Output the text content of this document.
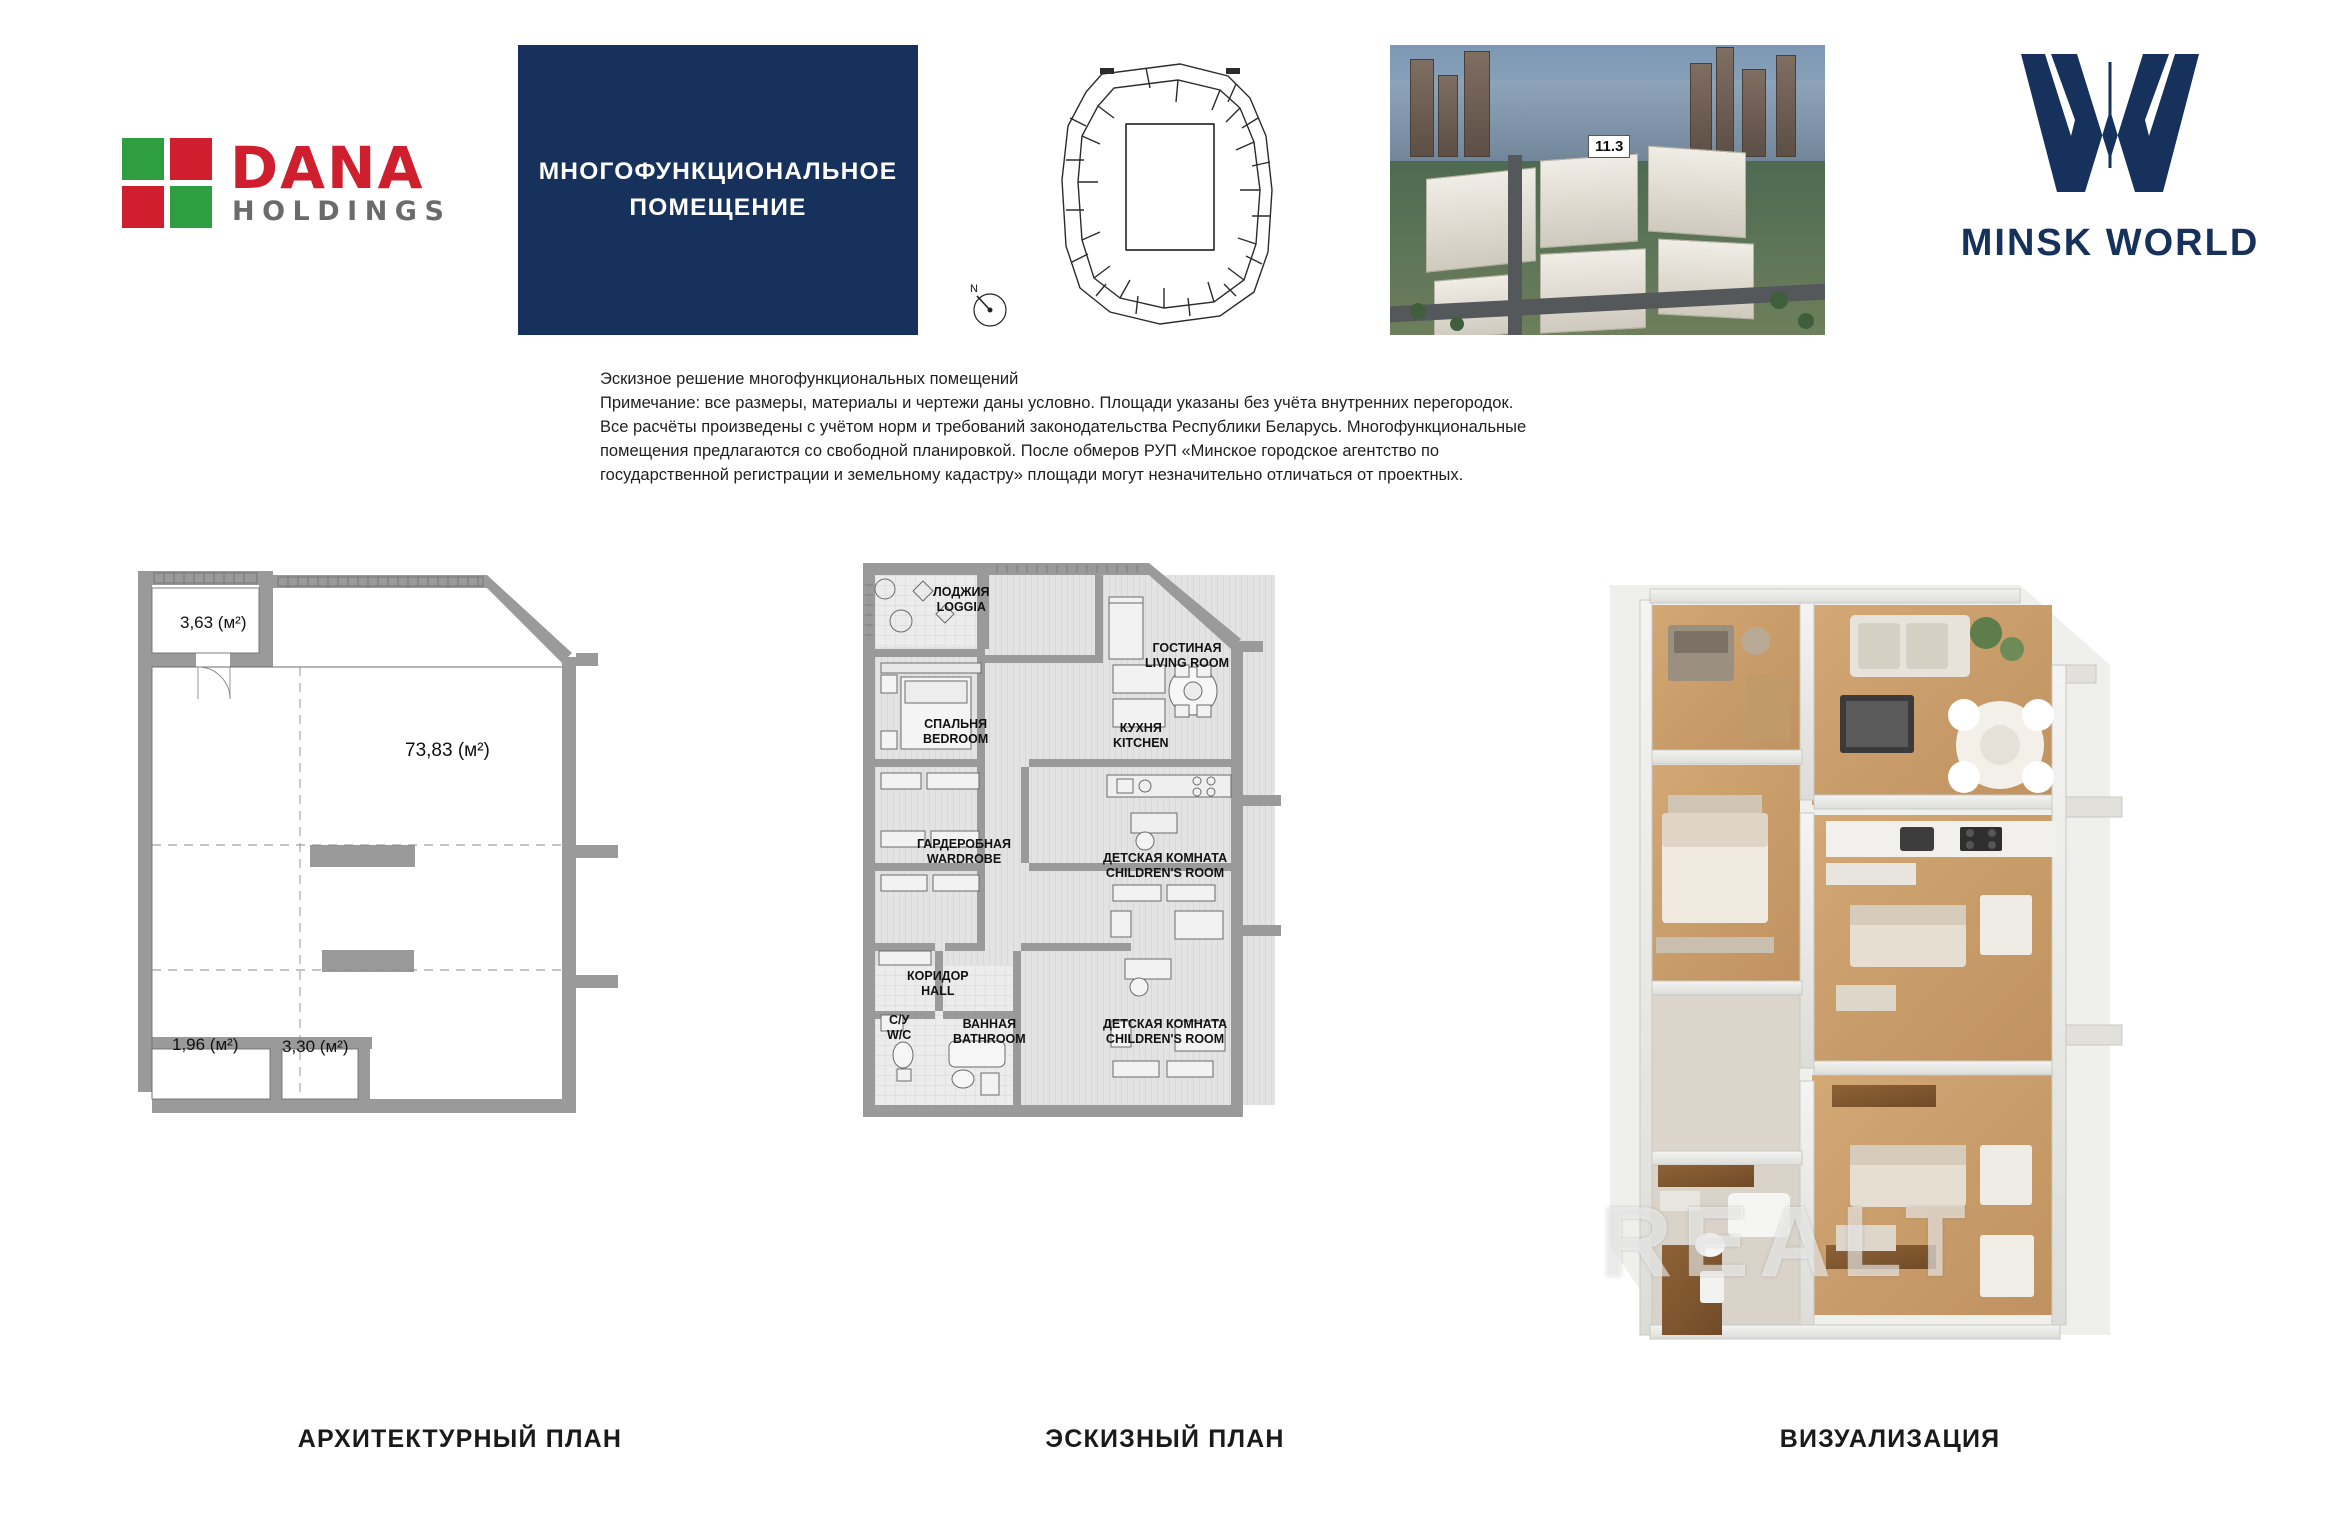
DANA
HOLDINGS
МНОГОФУНКЦИОНАЛЬНОЕ ПОМЕЩЕНИЕ
N
11.3
MINSK WORLD

Эскизное решение многофункциональных помещений

Примечание: все размеры, материалы и чертежи даны условно. Площади указаны без учёта внутренних перегородок.

Все расчёты произведены с учётом норм и требований законодательства Республики Беларусь. Многофункциональные

помещения предлагаются со свободной планировкой. После обмеров РУП «Минское городское агентство по

государственной регистрации и земельному кадастру» площади могут незначительно отличаться от проектных.

3,63 (м²)
73,83 (м²)
1,96 (м²)	3,30 (м²)
АРХИТЕКТУРНЫЙ ПЛАН
ЛОДЖИЯ
LOGGIA
ГОСТИНАЯ
LIVING ROOM
СПАЛЬНЯ
BEDROOM
КУХНЯ
KITCHEN
ГАРДЕРОБНАЯ
WARDROBE	ДЕТСКАЯ КОМНАТА
CHILDREN'S ROOM
КОРИДОР
HALL
С/У
W/C
ВАННАЯ
BATHROOM
ДЕТСКАЯ КОМНАТА
CHILDREN'S ROOM
ЭСКИЗНЫЙ ПЛАН
REALT
ВИЗУАЛИЗАЦИЯ
